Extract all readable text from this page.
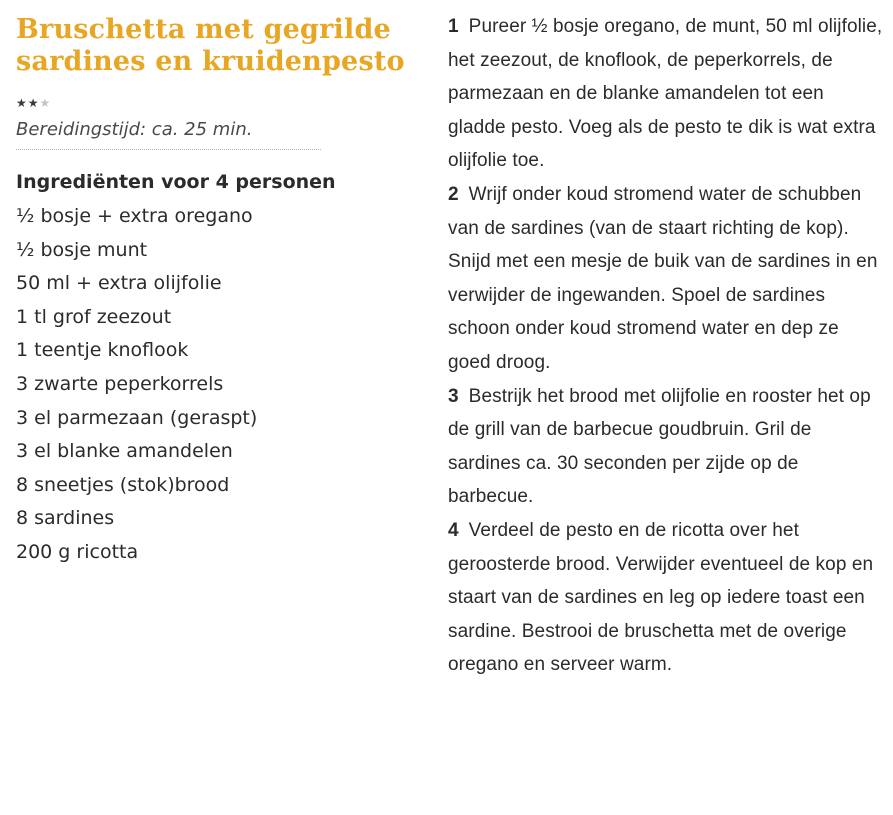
Bruschetta met gegrilde sardines en kruidenpesto
★★★
Bereidingstijd: ca. 25 min.
Ingrediënten voor 4 personen
½ bosje + extra oregano
½ bosje munt
50 ml + extra olijfolie
1 tl grof zeezout
1 teentje knoflook
3 zwarte peperkorrels
3 el parmezaan (geraspt)
3 el blanke amandelen
8 sneetjes (stok)brood
8 sardines
200 g ricotta

1 Pureer ½ bosje oregano, de munt, 50 ml olijfolie, het zeezout, de knoflook, de peperkorrels, de parmezaan en de blanke amandelen tot een gladde pesto. Voeg als de pesto te dik is wat extra olijfolie toe.

2 Wrijf onder koud stromend water de schubben van de sardines (van de staart richting de kop). Snijd met een mesje de buik van de sardines in en verwijder de ingewanden. Spoel de sardines schoon onder koud stromend water en dep ze goed droog.

3 Bestrijk het brood met olijfolie en rooster het op de grill van de barbecue goudbruin. Gril de sardines ca. 30 seconden per zijde op de barbecue.

4 Verdeel de pesto en de ricotta over het geroosterde brood. Verwijder eventueel de kop en staart van de sardines en leg op iedere toast een sardine. Bestrooi de bruschetta met de overige oregano en serveer warm.
